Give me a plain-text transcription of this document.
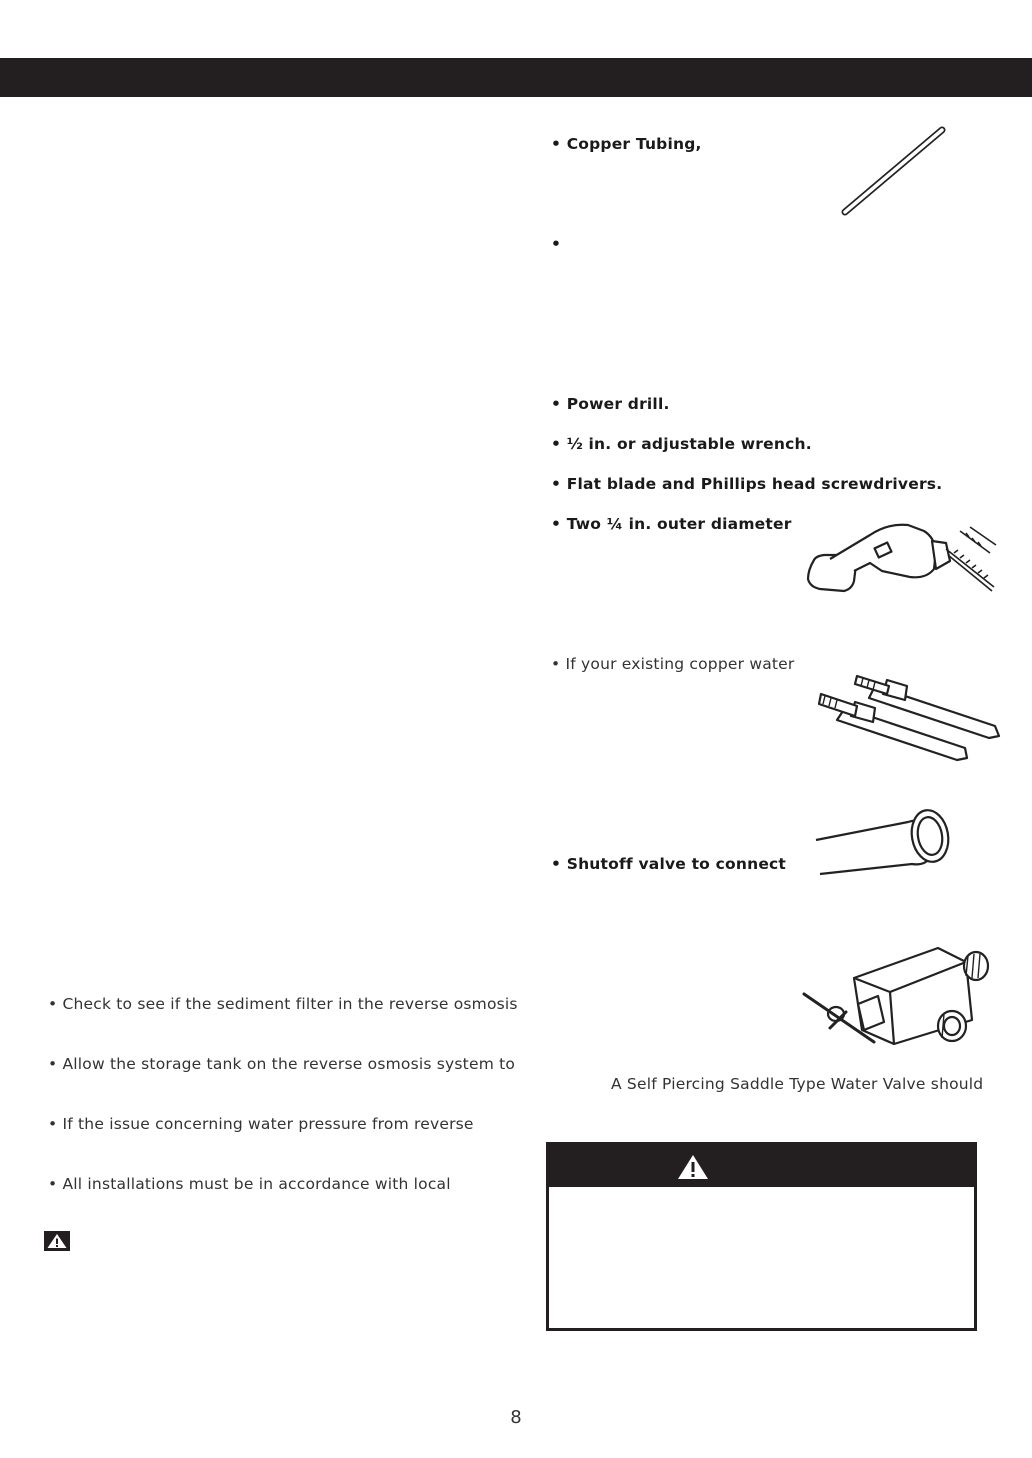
• Copper Tubing,
•
• Power drill.
• ½ in. or adjustable wrench.
• Flat blade and Phillips head screwdrivers.
• Two ¼ in. outer diameter
• If your existing copper water
• Shutoff valve to connect
A Self Piercing Saddle Type Water Valve should
• Check to see if the sediment filter in the reverse osmosis
• Allow the storage tank on the reverse osmosis system to
• If the issue concerning water pressure from reverse
• All installations must be in accordance with local
8
